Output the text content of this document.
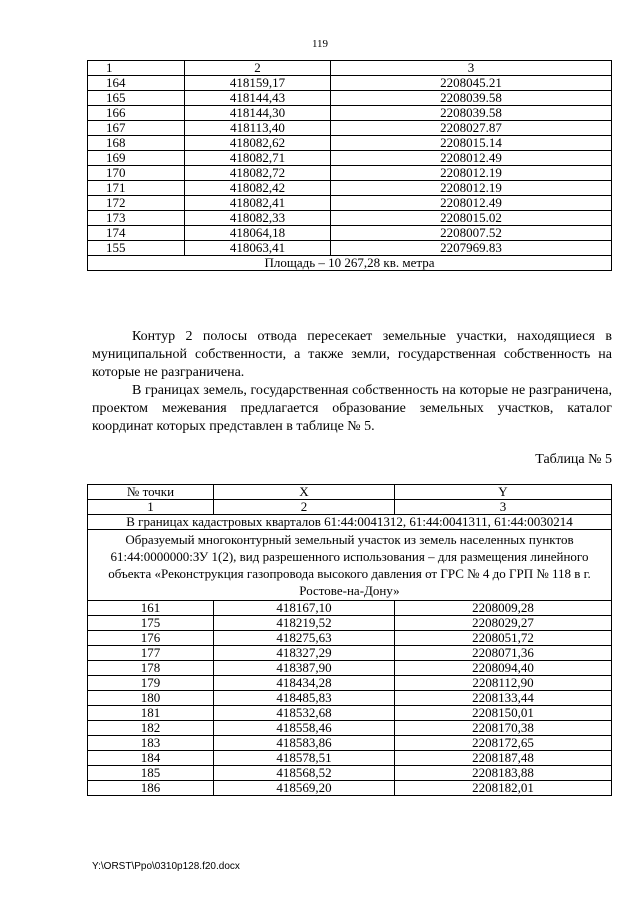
119
1	2	3
164	418159,17	2208045.21
165	418144,43	2208039.58
166	418144,30	2208039.58
167	418113,40	2208027.87
168	418082,62	2208015.14
169	418082,71	2208012.49
170	418082,72	2208012.19
171	418082,42	2208012.19
172	418082,41	2208012.49
173	418082,33	2208015.02
174	418064,18	2208007.52
155	418063,41	2207969.83
Площадь – 10 267,28 кв. метра		

Контур 2 полосы отвода пересекает земельные участки, находящиеся в муниципальной собственности, а также земли, государственная собственность на которые не разграничена.

В границах земель, государственная собственность на которые не разграничена, проектом межевания предлагается образование земельных участков, каталог координат которых представлен в таблице № 5.

Таблица № 5
№ точки	X	Y
1	2	3
В границах кадастровых кварталов 61:44:0041312, 61:44:0041311, 61:44:0030214		
Образуемый многоконтурный земельный участок из земель населенных пунктов 61:44:0000000:ЗУ 1(2), вид разрешенного использования – для размещения линейного объекта «Реконструкция газопровода высокого давления от ГРС № 4 до ГРП № 118 в г. Ростове-на-Дону»		
161	418167,10	2208009,28
175	418219,52	2208029,27
176	418275,63	2208051,72
177	418327,29	2208071,36
178	418387,90	2208094,40
179	418434,28	2208112,90
180	418485,83	2208133,44
181	418532,68	2208150,01
182	418558,46	2208170,38
183	418583,86	2208172,65
184	418578,51	2208187,48
185	418568,52	2208183,88
186	418569,20	2208182,01
Y:\ORST\Ppo\0310p128.f20.docx
